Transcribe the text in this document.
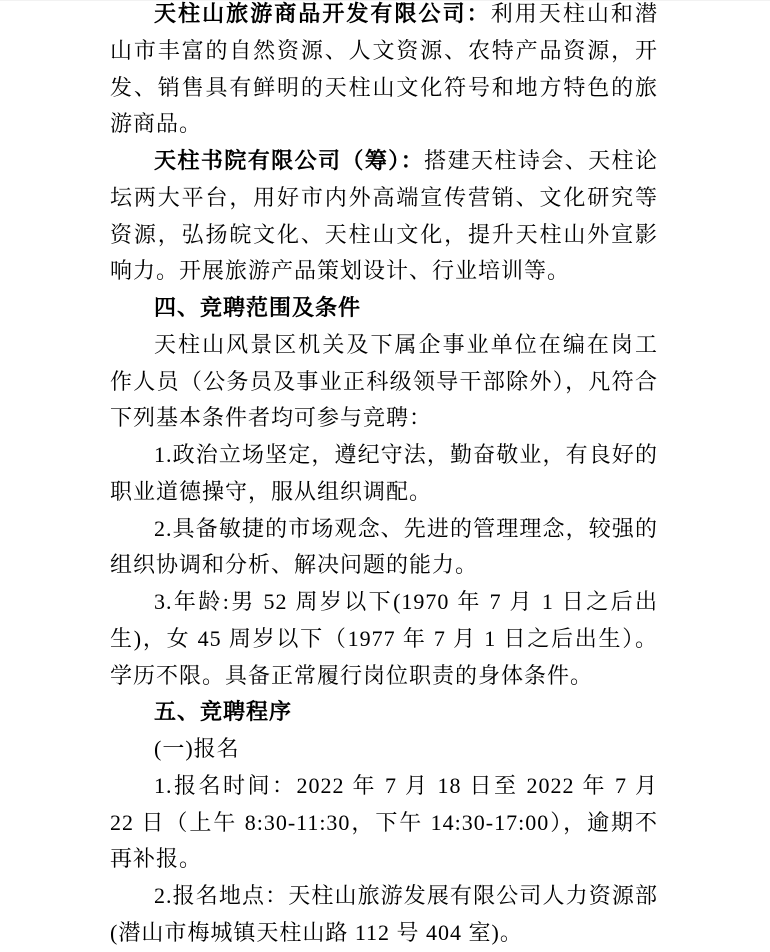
天柱山旅游商品开发有限公司：利用天柱山和潜山市丰富的自然资源、人文资源、农特产品资源，开发、销售具有鲜明的天柱山文化符号和地方特色的旅游商品。

天柱书院有限公司（筹）：搭建天柱诗会、天柱论坛两大平台，用好市内外高端宣传营销、文化研究等资源，弘扬皖文化、天柱山文化，提升天柱山外宣影响力。开展旅游产品策划设计、行业培训等。

四、竞聘范围及条件

天柱山风景区机关及下属企事业单位在编在岗工作人员（公务员及事业正科级领导干部除外），凡符合下列基本条件者均可参与竞聘：

1.政治立场坚定，遵纪守法，勤奋敬业，有良好的职业道德操守，服从组织调配。

2.具备敏捷的市场观念、先进的管理理念，较强的组织协调和分析、解决问题的能力。

3.年龄:男 52 周岁以下(1970 年 7 月 1 日之后出生)，女 45 周岁以下（1977 年 7 月 1 日之后出生）。学历不限。具备正常履行岗位职责的身体条件。

五、竞聘程序

(一)报名

1.报名时间：2022 年 7 月 18 日至 2022 年 7 月 22 日（上午 8:30-11:30，下午 14:30-17:00），逾期不再补报。

2.报名地点：天柱山旅游发展有限公司人力资源部(潜山市梅城镇天柱山路 112 号 404 室)。
